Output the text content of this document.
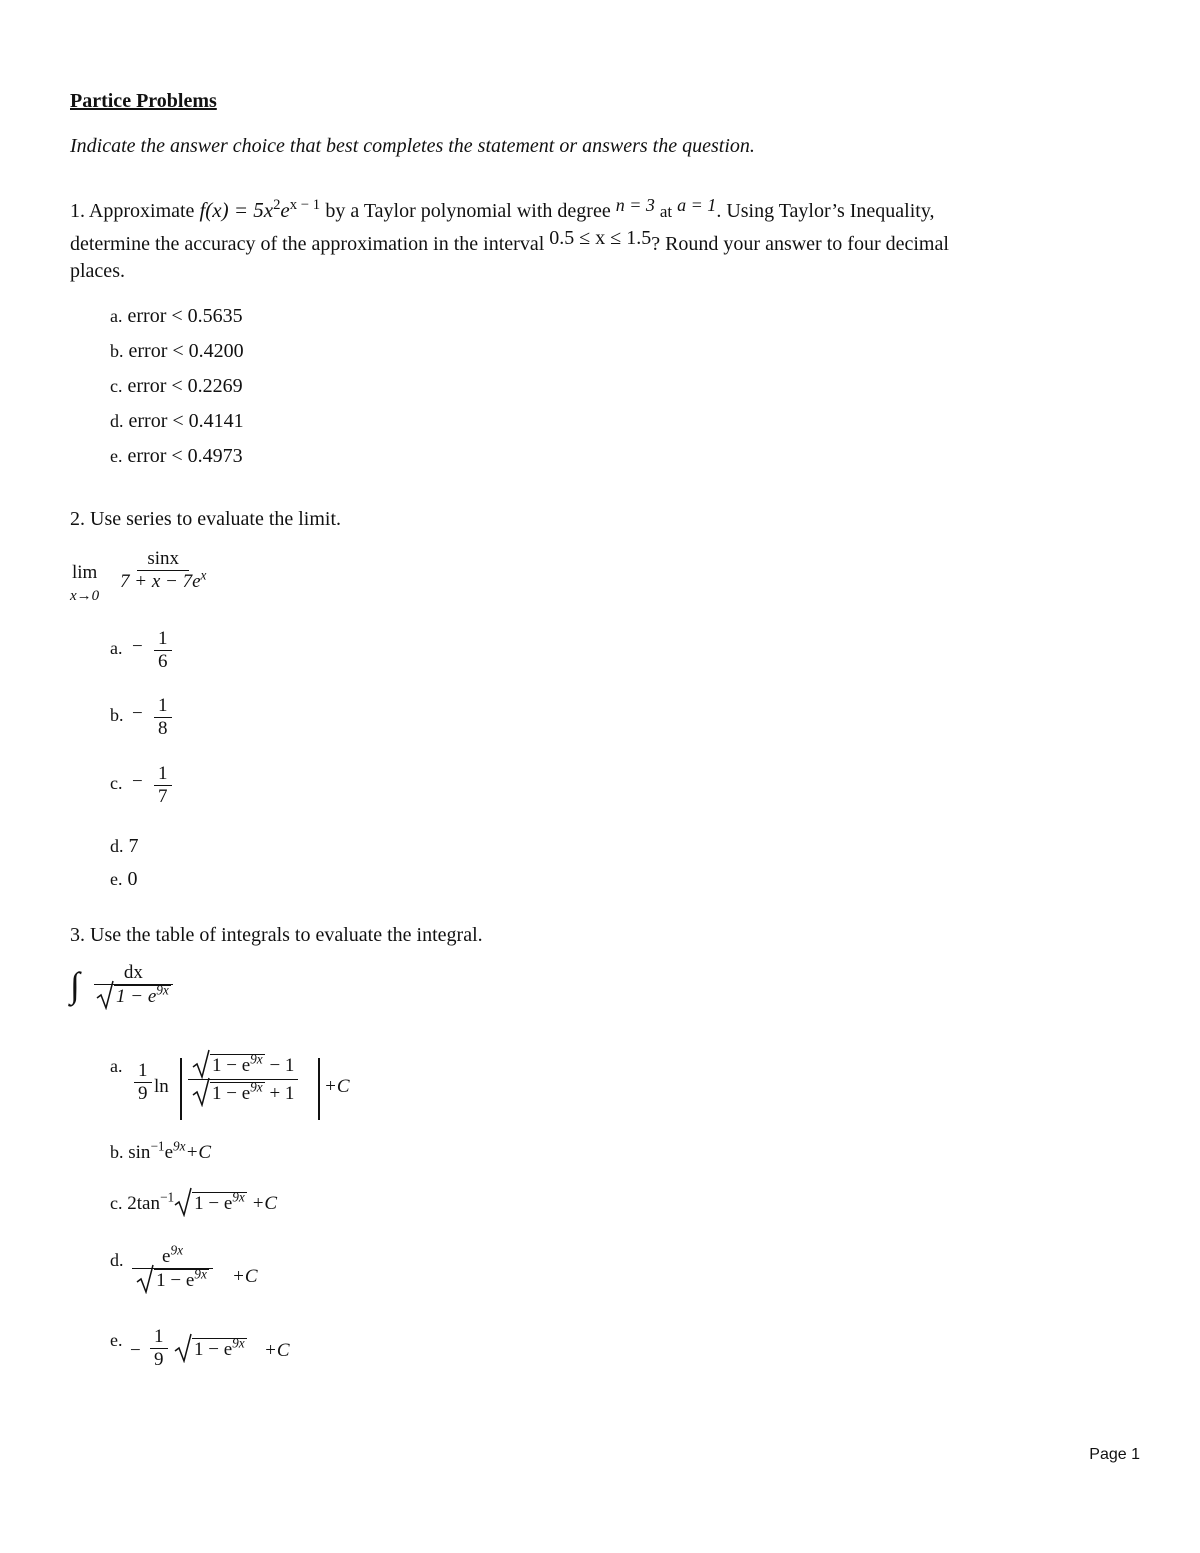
Partice Problems
Indicate the answer choice that best completes the statement or answers the question.
1. Approximate $f(x) = 5x^2e^{x - 1}$ by a Taylor polynomial with degree n = 3 at a = 1. Using Taylor’s Inequality,
determine the accuracy of the approximation in the interval 0.5 ≤ x ≤ 1.5? Round your answer to four decimal
places.
a. error < 0.5635
b. error < 0.4200
c. error < 0.2269
d. error < 0.4141
e. error < 0.4973
2. Use series to evaluate the limit.
lim
x→0
$\frac{\sin x}{7 + x - 7e^x}$
a. − $\frac{1}{6}$
b. − $\frac{1}{8}$
c. − $\frac{1}{7}$
d. 7
e. 0
3. Use the table of integrals to evaluate the integral.
∫ $\frac{dx}{1 - e^{9x}}$
a. $\frac{1}{9}$ $\ln \frac{1 - e^{9x} - 1}{1 - e^{9x} + 1} +C$
b. $\sin^{-1}e^{9x}+C$
c. $2\tan^{-1}$ $1 - e^{9x} +C$
d. $\frac{e^{9x}}{1 - e^{9x}} +C$
e. − $\frac{1}{9}$	$1 - e^{9x} +C$
Page 1
